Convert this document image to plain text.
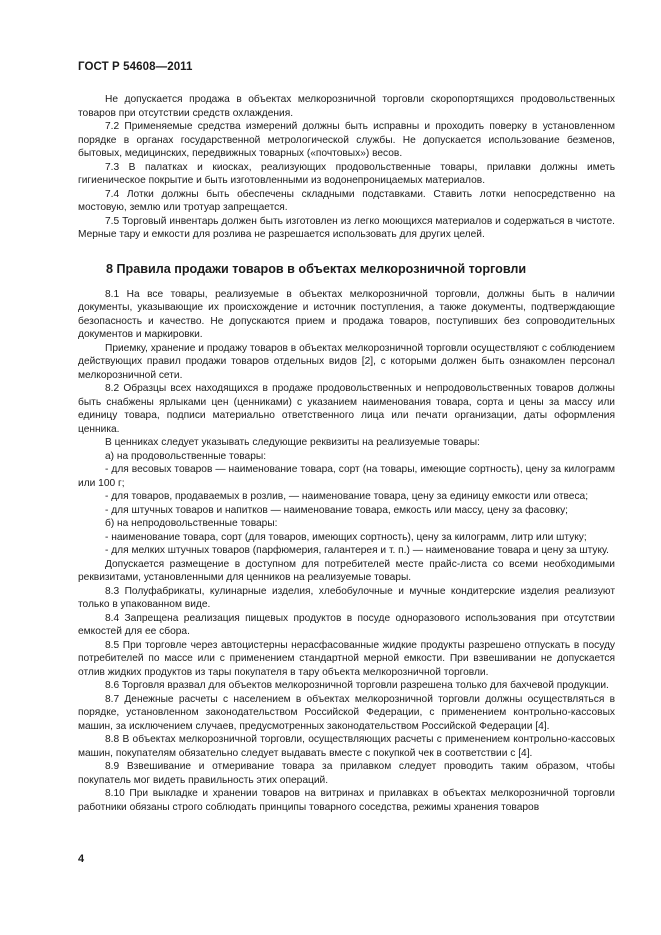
ГОСТ Р 54608—2011

Не допускается продажа в объектах мелкорозничной торговли скоропортящихся продовольственных товаров при отсутствии средств охлаждения.

7.2 Применяемые средства измерений должны быть исправны и проходить поверку в установленном порядке в органах государственной метрологической службы. Не допускается использование безменов, бытовых, медицинских, передвижных товарных («почтовых») весов.

7.3 В палатках и киосках, реализующих продовольственные товары, прилавки должны иметь гигиеническое покрытие и быть изготовленными из водонепроницаемых материалов.

7.4 Лотки должны быть обеспечены складными подставками. Ставить лотки непосредственно на мостовую, землю или тротуар запрещается.

7.5 Торговый инвентарь должен быть изготовлен из легко моющихся материалов и содержаться в чистоте. Мерные тару и емкости для розлива не разрешается использовать для других целей.

8 Правила продажи товаров в объектах мелкорозничной торговли

8.1 На все товары, реализуемые в объектах мелкорозничной торговли, должны быть в наличии документы, указывающие их происхождение и источник поступления, а также документы, подтверждающие безопасность и качество. Не допускаются прием и продажа товаров, поступивших без сопроводительных документов и маркировки.

Приемку, хранение и продажу товаров в объектах мелкорозничной торговли осуществляют с соблюдением действующих правил продажи товаров отдельных видов [2], с которыми должен быть ознакомлен персонал мелкорозничной сети.

8.2 Образцы всех находящихся в продаже продовольственных и непродовольственных товаров должны быть снабжены ярлыками цен (ценниками) с указанием наименования товара, сорта и цены за массу или единицу товара, подписи материально ответственного лица или печати организации, даты оформления ценника.

В ценниках следует указывать следующие реквизиты на реализуемые товары:

а) на продовольственные товары:

- для весовых товаров — наименование товара, сорт (на товары, имеющие сортность), цену за килограмм или 100 г;

- для товаров, продаваемых в розлив, — наименование товара, цену за единицу емкости или отвеса;

- для штучных товаров и напитков — наименование товара, емкость или массу, цену за фасовку;

б) на непродовольственные товары:

- наименование товара, сорт (для товаров, имеющих сортность), цену за килограмм, литр или штуку;

- для мелких штучных товаров (парфюмерия, галантерея и т. п.) — наименование товара и цену за штуку.

Допускается размещение в доступном для потребителей месте прайс-листа со всеми необходимыми реквизитами, установленными для ценников на реализуемые товары.

8.3 Полуфабрикаты, кулинарные изделия, хлебобулочные и мучные кондитерские изделия реализуют только в упакованном виде.

8.4 Запрещена реализация пищевых продуктов в посуде одноразового использования при отсутствии емкостей для ее сбора.

8.5 При торговле через автоцистерны нерасфасованные жидкие продукты разрешено отпускать в посуду потребителей по массе или с применением стандартной мерной емкости. При взвешивании не допускается отлив жидких продуктов из тары покупателя в тару объекта мелкорозничной торговли.

8.6 Торговля вразвал для объектов мелкорозничной торговли разрешена только для бахчевой продукции.

8.7 Денежные расчеты с населением в объектах мелкорозничной торговли должны осуществляться в порядке, установленном законодательством Российской Федерации, с применением контрольно-кассовых машин, за исключением случаев, предусмотренных законодательством Российской Федерации [4].

8.8 В объектах мелкорозничной торговли, осуществляющих расчеты с применением контрольно-кассовых машин, покупателям обязательно следует выдавать вместе с покупкой чек в соответствии с [4].

8.9 Взвешивание и отмеривание товара за прилавком следует проводить таким образом, чтобы покупатель мог видеть правильность этих операций.

8.10 При выкладке и хранении товаров на витринах и прилавках в объектах мелкорозничной торговли работники обязаны строго соблюдать принципы товарного соседства, режимы хранения товаров

4
